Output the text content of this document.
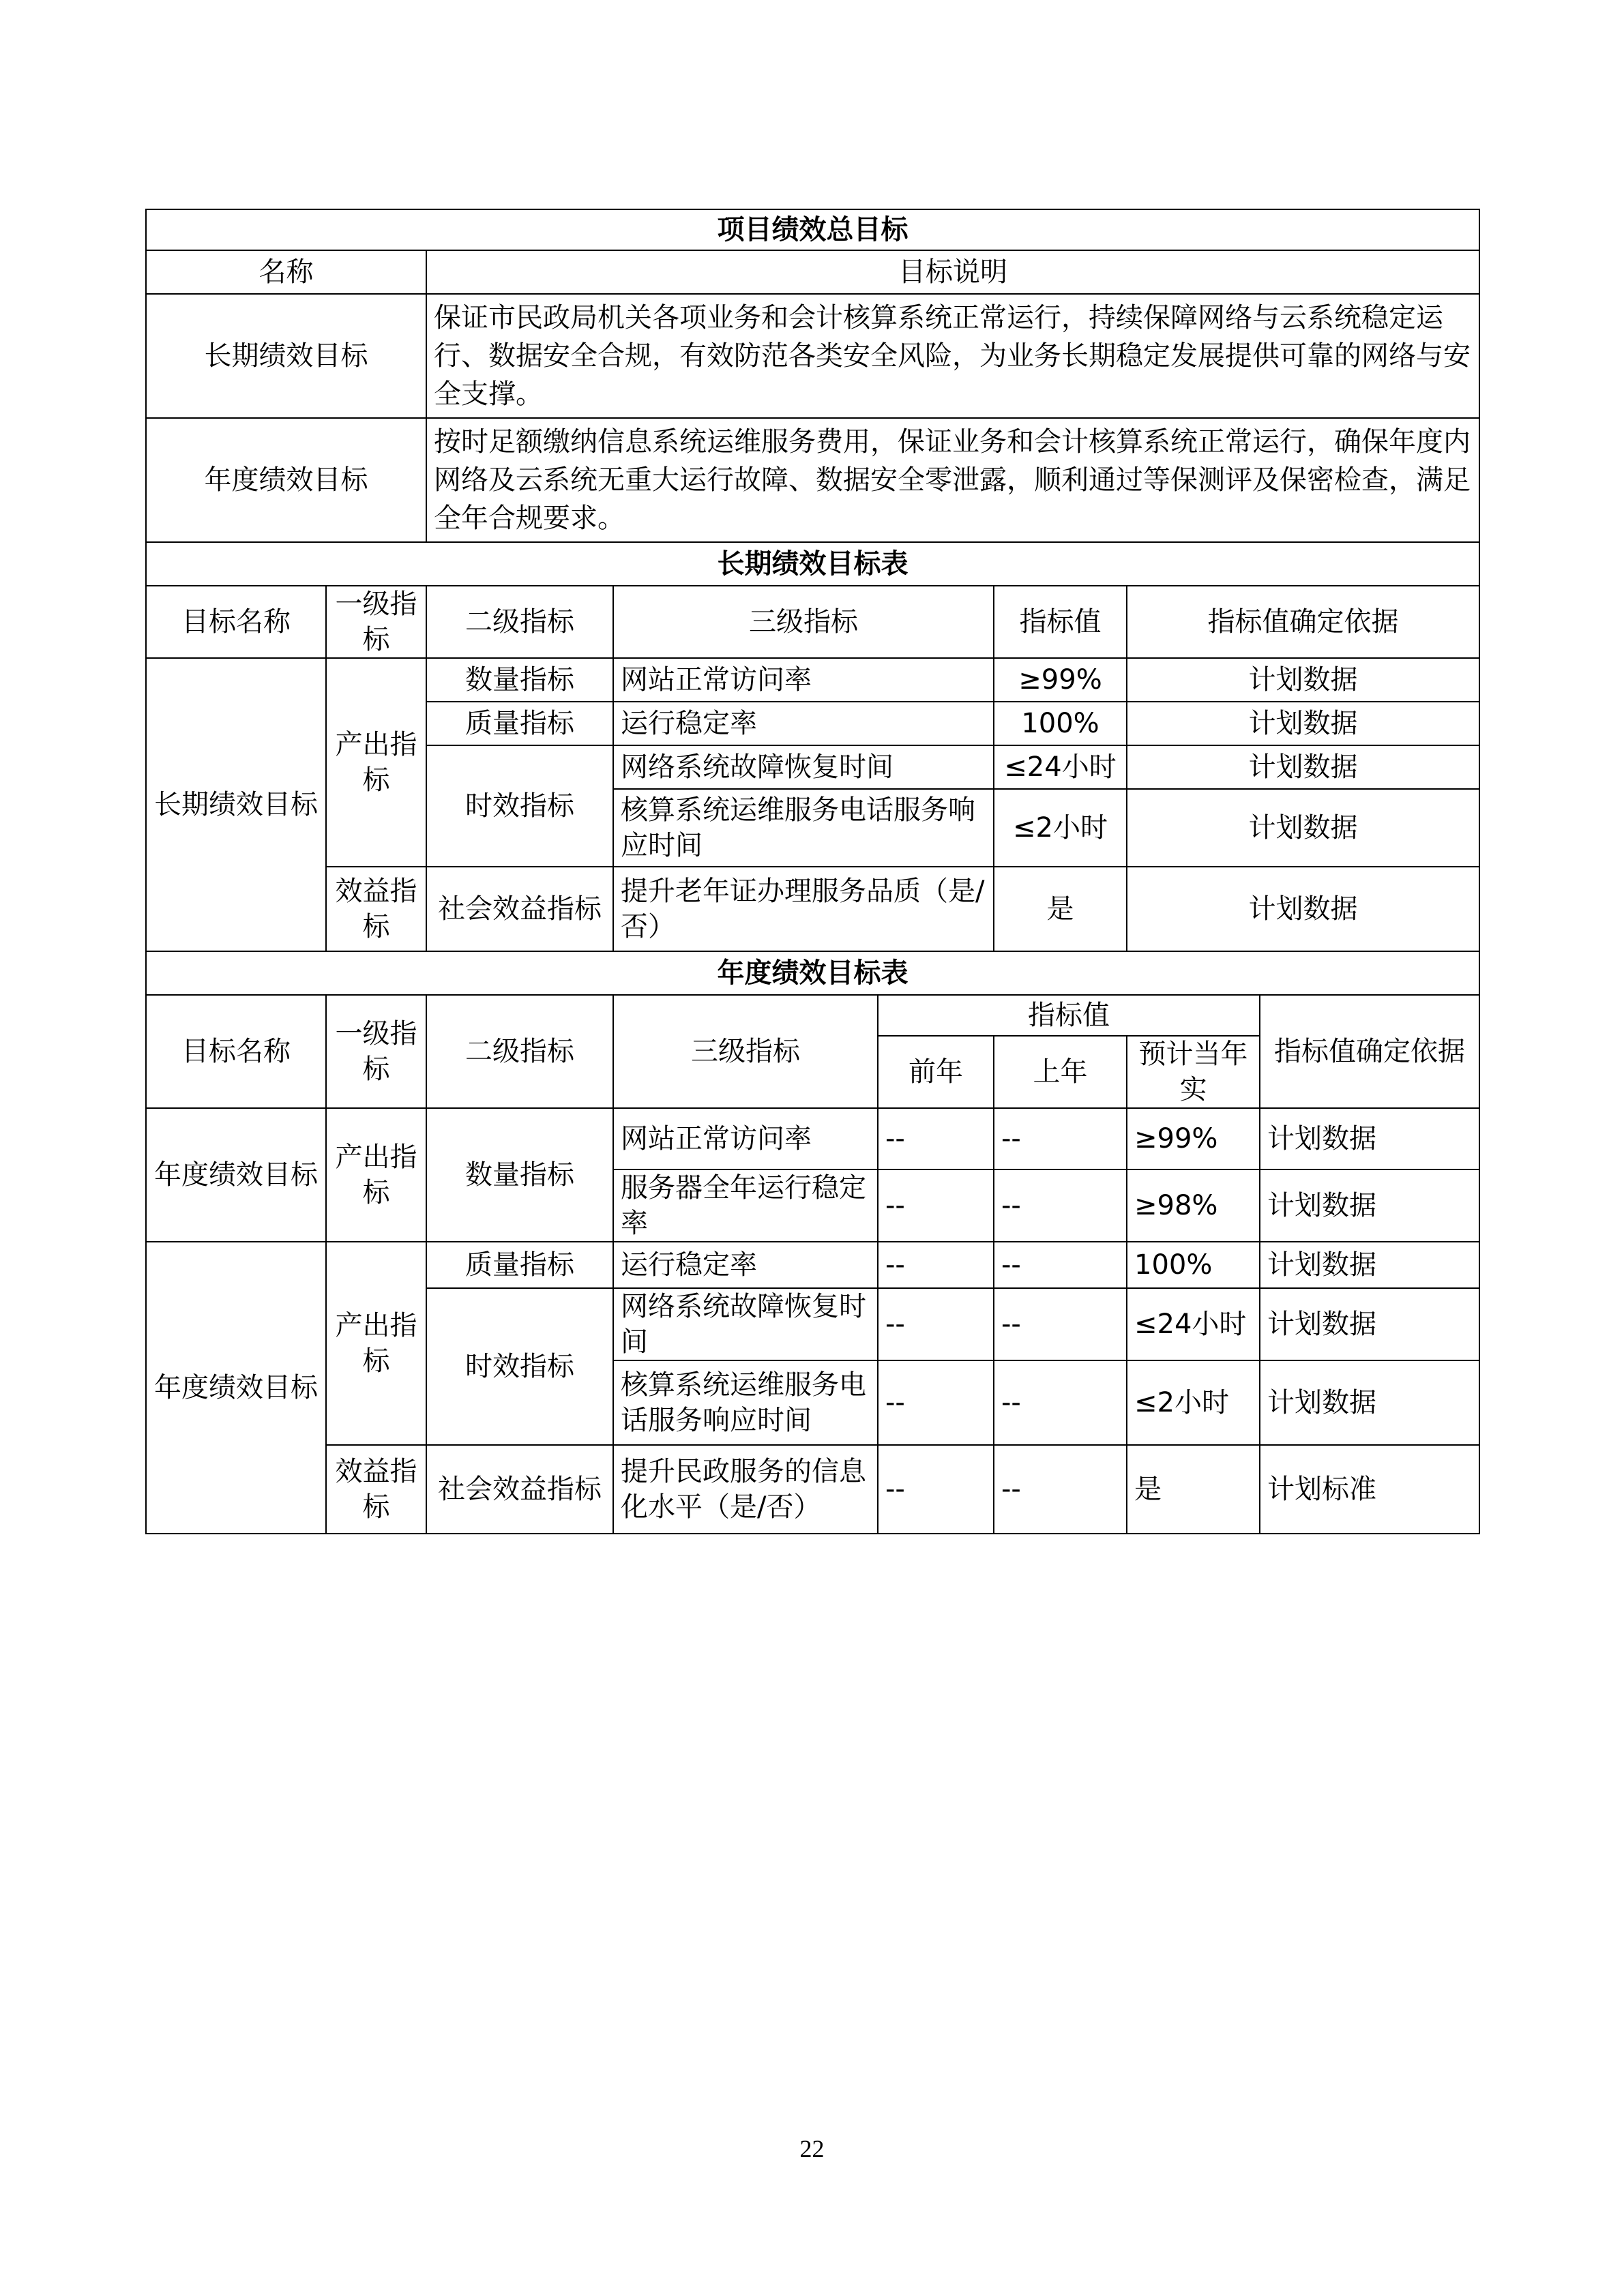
项目绩效总目标							
名称		目标说明					
长期绩效目标		保证市民政局机关各项业务和会计核算系统正常运行，持续保障网络与云系统稳定运行、数据安全合规，有效防范各类安全风险，为业务长期稳定发展提供可靠的网络与安全支撑。					
年度绩效目标		按时足额缴纳信息系统运维服务费用，保证业务和会计核算系统正常运行，确保年度内网络及云系统无重大运行故障、数据安全零泄露，顺利通过等保测评及保密检查，满足全年合规要求。					
长期绩效目标表							
目标名称	一级指标	二级指标	三级指标		指标值	指标值确定依据	
长期绩效目标	产出指标	数量指标	网站正常访问率		≥99%	计划数据	
		质量指标	运行稳定率		100%	计划数据	
		时效指标	网络系统故障恢复时间		≤24小时	计划数据	
			核算系统运维服务电话服务响应时间		≤2小时	计划数据	
	效益指标	社会效益指标	提升老年证办理服务品质（是/否）		是	计划数据	
年度绩效目标表							
目标名称	一级指标	二级指标	三级指标	指标值			指标值确定依据
				前年	上年	预计当年实	
年度绩效目标	产出指标	数量指标	网站正常访问率	--	--	≥99%	计划数据
			服务器全年运行稳定率	--	--	≥98%	计划数据
年度绩效目标	产出指标	质量指标	运行稳定率	--	--	100%	计划数据
		时效指标	网络系统故障恢复时间	--	--	≤24小时	计划数据
			核算系统运维服务电话服务响应时间	--	--	≤2小时	计划数据
	效益指标	社会效益指标	提升民政服务的信息化水平（是/否）	--	--	是	计划标准
22
